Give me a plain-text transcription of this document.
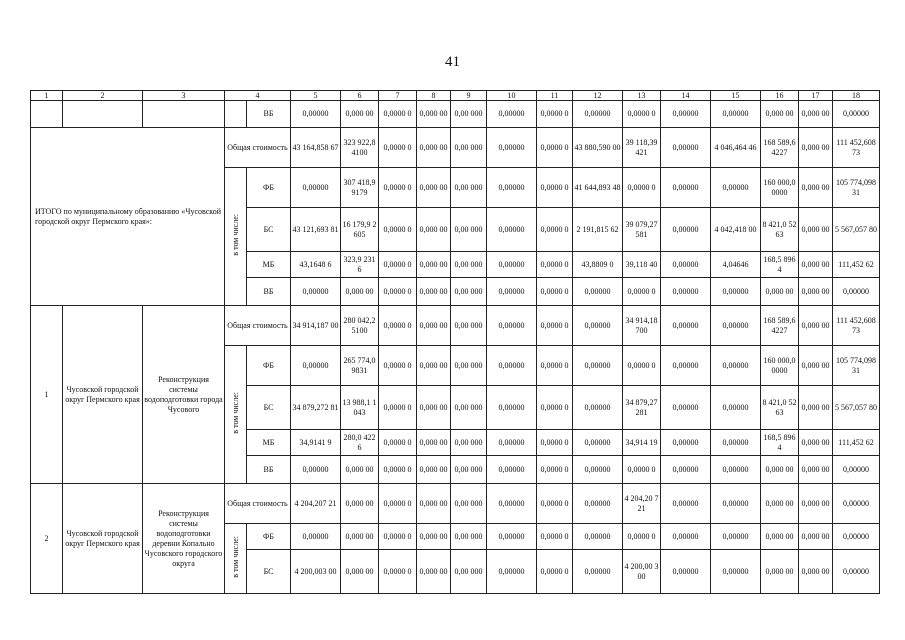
41
1	2	3	4		5	6	7	8	9	10	11	12	13	14	15	16	17	18
				ВБ	0,00000	0,000 00	0,0000 0	0,000 00	0,00 000	0,00000	0,0000 0	0,00000	0,0000 0	0,00000	0,00000	0,000 00	0,000 00	0,00000
ИТОГО по муниципальному образованию «Чусовской городской округ Пермского края»:			Общая стоимость		43 164,858 67	323 922,8 4100	0,0000 0	0,000 00	0,00 000	0,00000	0,0000 0	43 880,590 00	39 118,39 421	0,00000	4 046,464 46	168 589,6 4227	0,000 00	111 452,608 73
			в том числе:	ФБ	0,00000	307 418,9 9179	0,0000 0	0,000 00	0,00 000	0,00000	0,0000 0	41 644,893 48	0,0000 0	0,00000	0,00000	160 000,0 0000	0,000 00	105 774,098 31
				БС	43 121,693 81	16 179,9 2605	0,0000 0	0,000 00	0,00 000	0,00000	0,0000 0	2 191,815 62	39 079,27 581	0,00000	4 042,418 00	8 421,0 5263	0,000 00	5 567,057 80
				МБ	43,1648 6	323,9 2316	0,0000 0	0,000 00	0,00 000	0,00000	0,0000 0	43,8809 0	39,118 40	0,00000	4,04646	168,5 8964	0,000 00	111,452 62
				ВБ	0,00000	0,000 00	0,0000 0	0,000 00	0,00 000	0,00000	0,0000 0	0,00000	0,0000 0	0,00000	0,00000	0,000 00	0,000 00	0,00000
1	Чусовской городской округ Пермского края	Реконструкция системы водоподготовки города Чусового	Общая стоимость		34 914,187 00	280 042,2 5100	0,0000 0	0,000 00	0,00 000	0,00000	0,0000 0	0,00000	34 914,18 700	0,00000	0,00000	168 589,6 4227	0,000 00	111 452,608 73
			в том числе:	ФБ	0,00000	265 774,0 9831	0,0000 0	0,000 00	0,00 000	0,00000	0,0000 0	0,00000	0,0000 0	0,00000	0,00000	160 000,0 0000	0,000 00	105 774,098 31
				БС	34 879,272 81	13 988,1 1043	0,0000 0	0,000 00	0,00 000	0,00000	0,0000 0	0,00000	34 879,27 281	0,00000	0,00000	8 421,0 5263	0,000 00	5 567,057 80
				МБ	34,9141 9	280,0 4226	0,0000 0	0,000 00	0,00 000	0,00000	0,0000 0	0,00000	34,914 19	0,00000	0,00000	168,5 8964	0,000 00	111,452 62
				ВБ	0,00000	0,000 00	0,0000 0	0,000 00	0,00 000	0,00000	0,0000 0	0,00000	0,0000 0	0,00000	0,00000	0,000 00	0,000 00	0,00000
2	Чусовской городской округ Пермского края	Реконструкция системы водоподготовки деревни Копально Чусовского городского округа	Общая стоимость		4 204,207 21	0,000 00	0,0000 0	0,000 00	0,00 000	0,00000	0,0000 0	0,00000	4 204,20 721	0,00000	0,00000	0,000 00	0,000 00	0,00000
			в том числе:	ФБ	0,00000	0,000 00	0,0000 0	0,000 00	0,00 000	0,00000	0,0000 0	0,00000	0,0000 0	0,00000	0,00000	0,000 00	0,000 00	0,00000
				БС	4 200,003 00	0,000 00	0,0000 0	0,000 00	0,00 000	0,00000	0,0000 0	0,00000	4 200,00 300	0,00000	0,00000	0,000 00	0,000 00	0,00000
